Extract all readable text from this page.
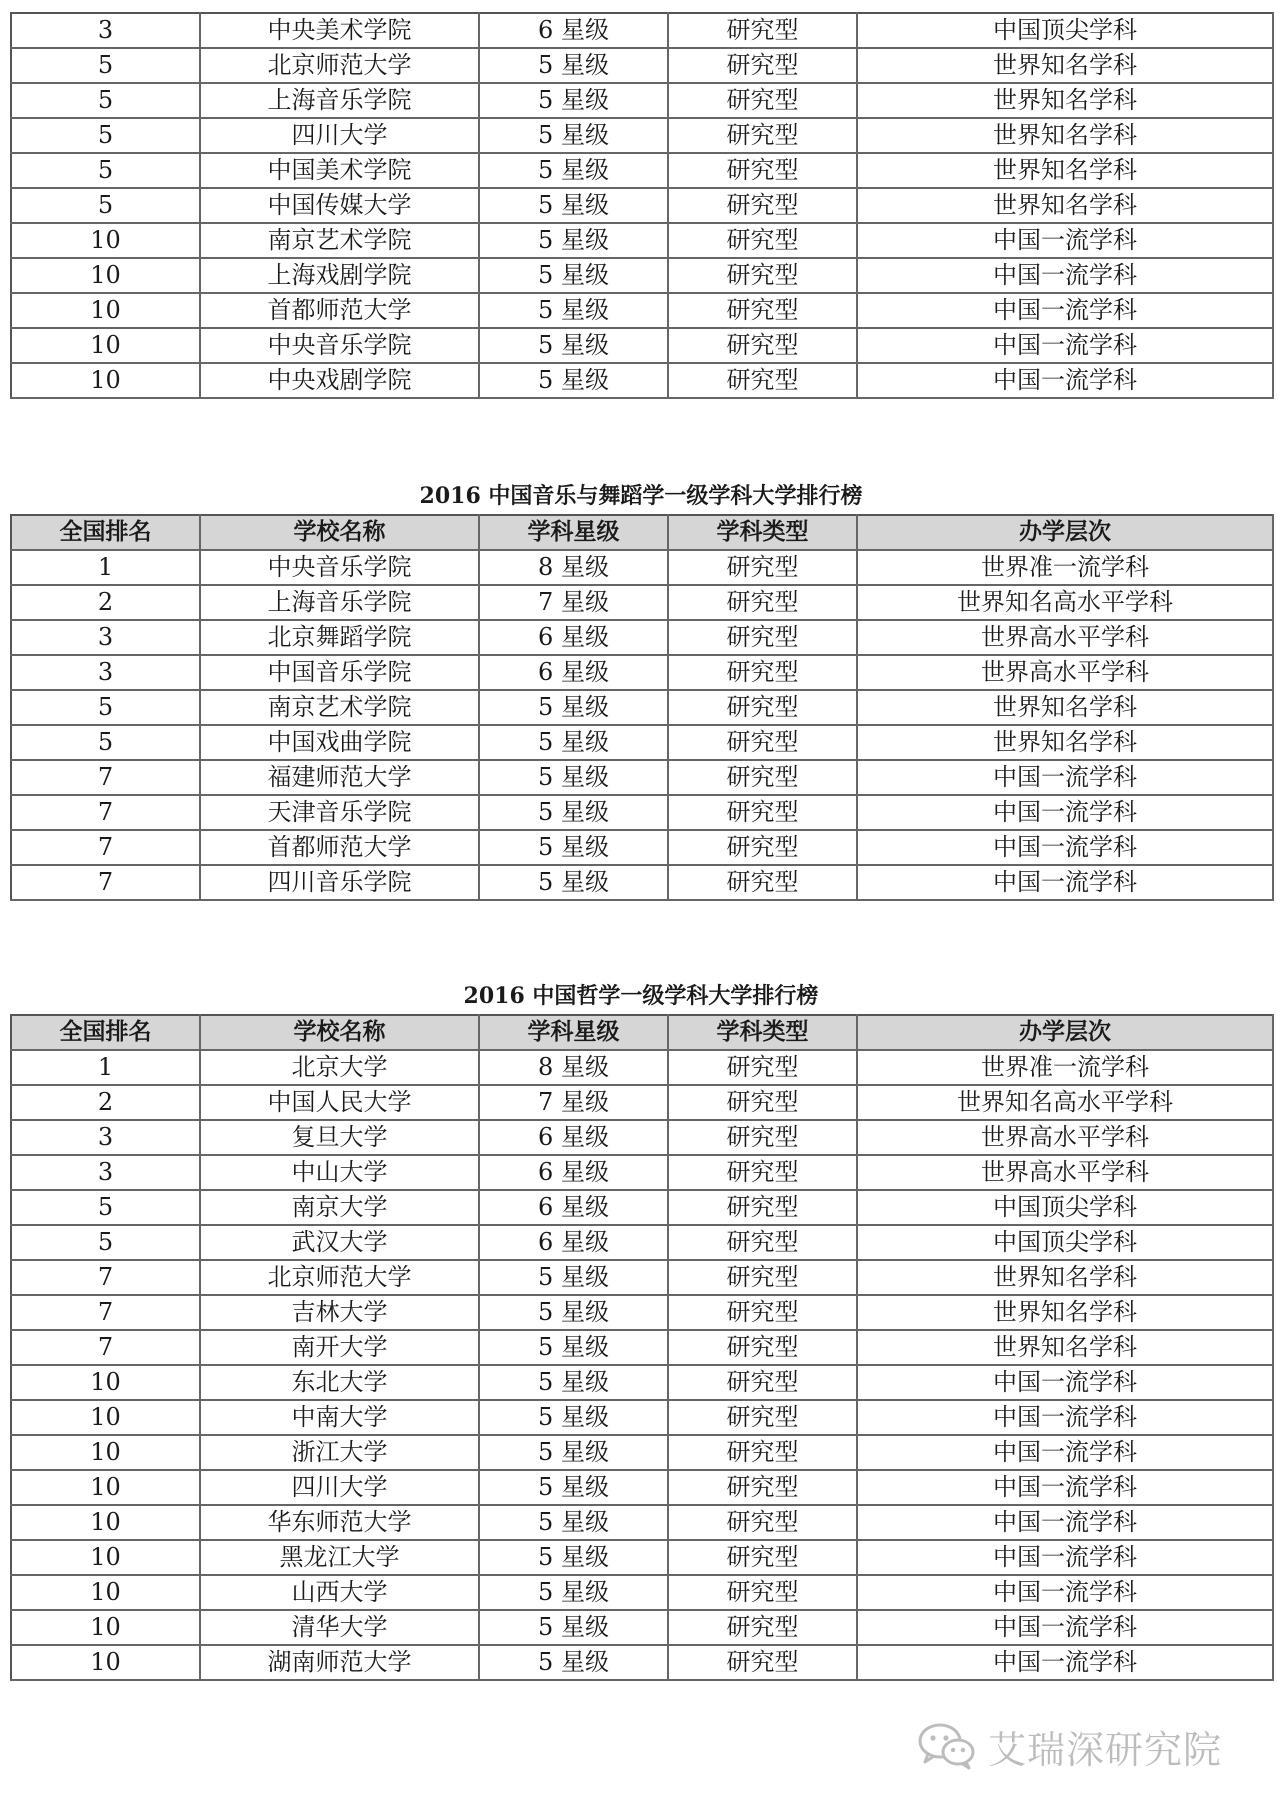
3	中央美术学院	6 星级	研究型	中国顶尖学科
5	北京师范大学	5 星级	研究型	世界知名学科
5	上海音乐学院	5 星级	研究型	世界知名学科
5	四川大学	5 星级	研究型	世界知名学科
5	中国美术学院	5 星级	研究型	世界知名学科
5	中国传媒大学	5 星级	研究型	世界知名学科
10	南京艺术学院	5 星级	研究型	中国一流学科
10	上海戏剧学院	5 星级	研究型	中国一流学科
10	首都师范大学	5 星级	研究型	中国一流学科
10	中央音乐学院	5 星级	研究型	中国一流学科
10	中央戏剧学院	5 星级	研究型	中国一流学科
2016 中国音乐与舞蹈学一级学科大学排行榜
全国排名	学校名称	学科星级	学科类型	办学层次
1	中央音乐学院	8 星级	研究型	世界准一流学科
2	上海音乐学院	7 星级	研究型	世界知名高水平学科
3	北京舞蹈学院	6 星级	研究型	世界高水平学科
3	中国音乐学院	6 星级	研究型	世界高水平学科
5	南京艺术学院	5 星级	研究型	世界知名学科
5	中国戏曲学院	5 星级	研究型	世界知名学科
7	福建师范大学	5 星级	研究型	中国一流学科
7	天津音乐学院	5 星级	研究型	中国一流学科
7	首都师范大学	5 星级	研究型	中国一流学科
7	四川音乐学院	5 星级	研究型	中国一流学科
2016 中国哲学一级学科大学排行榜
全国排名	学校名称	学科星级	学科类型	办学层次
1	北京大学	8 星级	研究型	世界准一流学科
2	中国人民大学	7 星级	研究型	世界知名高水平学科
3	复旦大学	6 星级	研究型	世界高水平学科
3	中山大学	6 星级	研究型	世界高水平学科
5	南京大学	6 星级	研究型	中国顶尖学科
5	武汉大学	6 星级	研究型	中国顶尖学科
7	北京师范大学	5 星级	研究型	世界知名学科
7	吉林大学	5 星级	研究型	世界知名学科
7	南开大学	5 星级	研究型	世界知名学科
10	东北大学	5 星级	研究型	中国一流学科
10	中南大学	5 星级	研究型	中国一流学科
10	浙江大学	5 星级	研究型	中国一流学科
10	四川大学	5 星级	研究型	中国一流学科
10	华东师范大学	5 星级	研究型	中国一流学科
10	黑龙江大学	5 星级	研究型	中国一流学科
10	山西大学	5 星级	研究型	中国一流学科
10	清华大学	5 星级	研究型	中国一流学科
10	湖南师范大学	5 星级	研究型	中国一流学科
艾瑞深研究院
